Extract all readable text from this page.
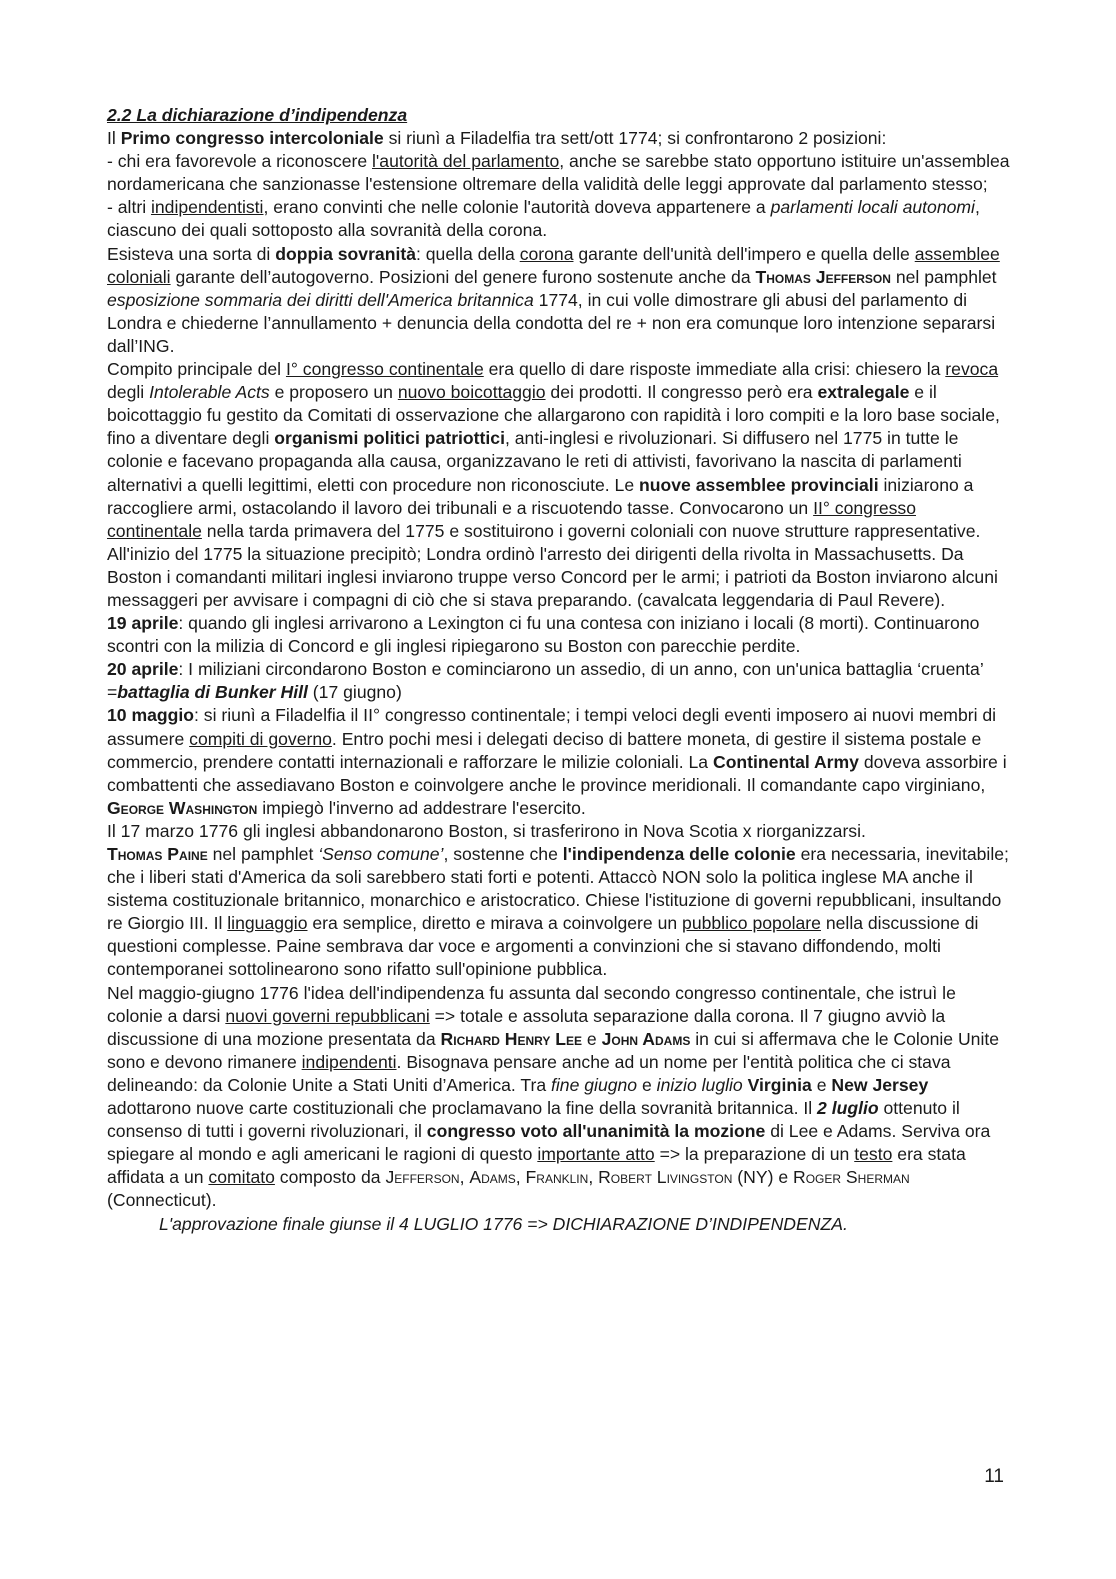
2.2 La dichiarazione d’indipendenza

Il Primo congresso intercoloniale si riunì a Filadelfia tra sett/ott 1774; si confrontarono 2 posizioni:

- chi era favorevole a riconoscere l'autorità del parlamento, anche se sarebbe stato opportuno istituire un'assemblea nordamericana che sanzionasse l'estensione oltremare della validità delle leggi approvate dal parlamento stesso;

- altri indipendentisti, erano convinti che nelle colonie l'autorità doveva appartenere a parlamenti locali autonomi, ciascuno dei quali sottoposto alla sovranità della corona.

Esisteva una sorta di doppia sovranità: quella della corona garante dell'unità dell'impero e quella delle assemblee coloniali garante dell’autogoverno. Posizioni del genere furono sostenute anche da Thomas Jefferson nel pamphlet esposizione sommaria dei diritti dell'America britannica 1774, in cui volle dimostrare gli abusi del parlamento di Londra e chiederne l’annullamento + denuncia della condotta del re + non era comunque loro intenzione separarsi dall’ING.

Compito principale del I° congresso continentale era quello di dare risposte immediate alla crisi: chiesero la revoca degli Intolerable Acts e proposero un nuovo boicottaggio dei prodotti. Il congresso però era extralegale e il boicottaggio fu gestito da Comitati di osservazione che allargarono con rapidità i loro compiti e la loro base sociale, fino a diventare degli organismi politici patriottici, anti-inglesi e rivoluzionari. Si diffusero nel 1775 in tutte le colonie e facevano propaganda alla causa, organizzavano le reti di attivisti, favorivano la nascita di parlamenti alternativi a quelli legittimi, eletti con procedure non riconosciute. Le nuove assemblee provinciali iniziarono a raccogliere armi, ostacolando il lavoro dei tribunali e a riscuotendo tasse. Convocarono un II° congresso continentale nella tarda primavera del 1775 e sostituirono i governi coloniali con nuove strutture rappresentative.

All'inizio del 1775 la situazione precipitò; Londra ordinò l'arresto dei dirigenti della rivolta in Massachusetts. Da Boston i comandanti militari inglesi inviarono truppe verso Concord per le armi; i patrioti da Boston inviarono alcuni messaggeri per avvisare i compagni di ciò che si stava preparando. (cavalcata leggendaria di Paul Revere).

19 aprile: quando gli inglesi arrivarono a Lexington ci fu una contesa con iniziano i locali (8 morti). Continuarono scontri con la milizia di Concord e gli inglesi ripiegarono su Boston con parecchie perdite.

20 aprile: I miliziani circondarono Boston e cominciarono un assedio, di un anno, con un'unica battaglia ‘cruenta’ =battaglia di Bunker Hill (17 giugno)

10 maggio: si riunì a Filadelfia il II° congresso continentale; i tempi veloci degli eventi imposero ai nuovi membri di assumere compiti di governo. Entro pochi mesi i delegati deciso di battere moneta, di gestire il sistema postale e commercio, prendere contatti internazionali e rafforzare le milizie coloniali. La Continental Army doveva assorbire i combattenti che assediavano Boston e coinvolgere anche le province meridionali. Il comandante capo virginiano, George Washington impiegò l'inverno ad addestrare l'esercito.

Il 17 marzo 1776 gli inglesi abbandonarono Boston, si trasferirono in Nova Scotia x riorganizzarsi.

Thomas Paine nel pamphlet ‘Senso comune’, sostenne che l'indipendenza delle colonie era necessaria, inevitabile; che i liberi stati d'America da soli sarebbero stati forti e potenti. Attaccò NON solo la politica inglese MA anche il sistema costituzionale britannico, monarchico e aristocratico. Chiese l'istituzione di governi repubblicani, insultando re Giorgio III. Il linguaggio era semplice, diretto e mirava a coinvolgere un pubblico popolare nella discussione di questioni complesse. Paine sembrava dar voce e argomenti a convinzioni che si stavano diffondendo, molti contemporanei sottolinearono sono rifatto sull'opinione pubblica.

Nel maggio-giugno 1776 l'idea dell'indipendenza fu assunta dal secondo congresso continentale, che istruì le colonie a darsi nuovi governi repubblicani => totale e assoluta separazione dalla corona. Il 7 giugno avviò la discussione di una mozione presentata da Richard Henry Lee e John Adams in cui si affermava che le Colonie Unite sono e devono rimanere indipendenti. Bisognava pensare anche ad un nome per l'entità politica che ci stava delineando: da Colonie Unite a Stati Uniti d’America. Tra fine giugno e inizio luglio Virginia e New Jersey adottarono nuove carte costituzionali che proclamavano la fine della sovranità britannica. Il 2 luglio ottenuto il consenso di tutti i governi rivoluzionari, il congresso voto all'unanimità la mozione di Lee e Adams. Serviva ora spiegare al mondo e agli americani le ragioni di questo importante atto => la preparazione di un testo era stata affidata a un comitato composto da Jefferson, Adams, Franklin, Robert Livingston (NY) e Roger Sherman (Connecticut).

L'approvazione finale giunse il 4 LUGLIO 1776 => DICHIARAZIONE D’INDIPENDENZA.

11
